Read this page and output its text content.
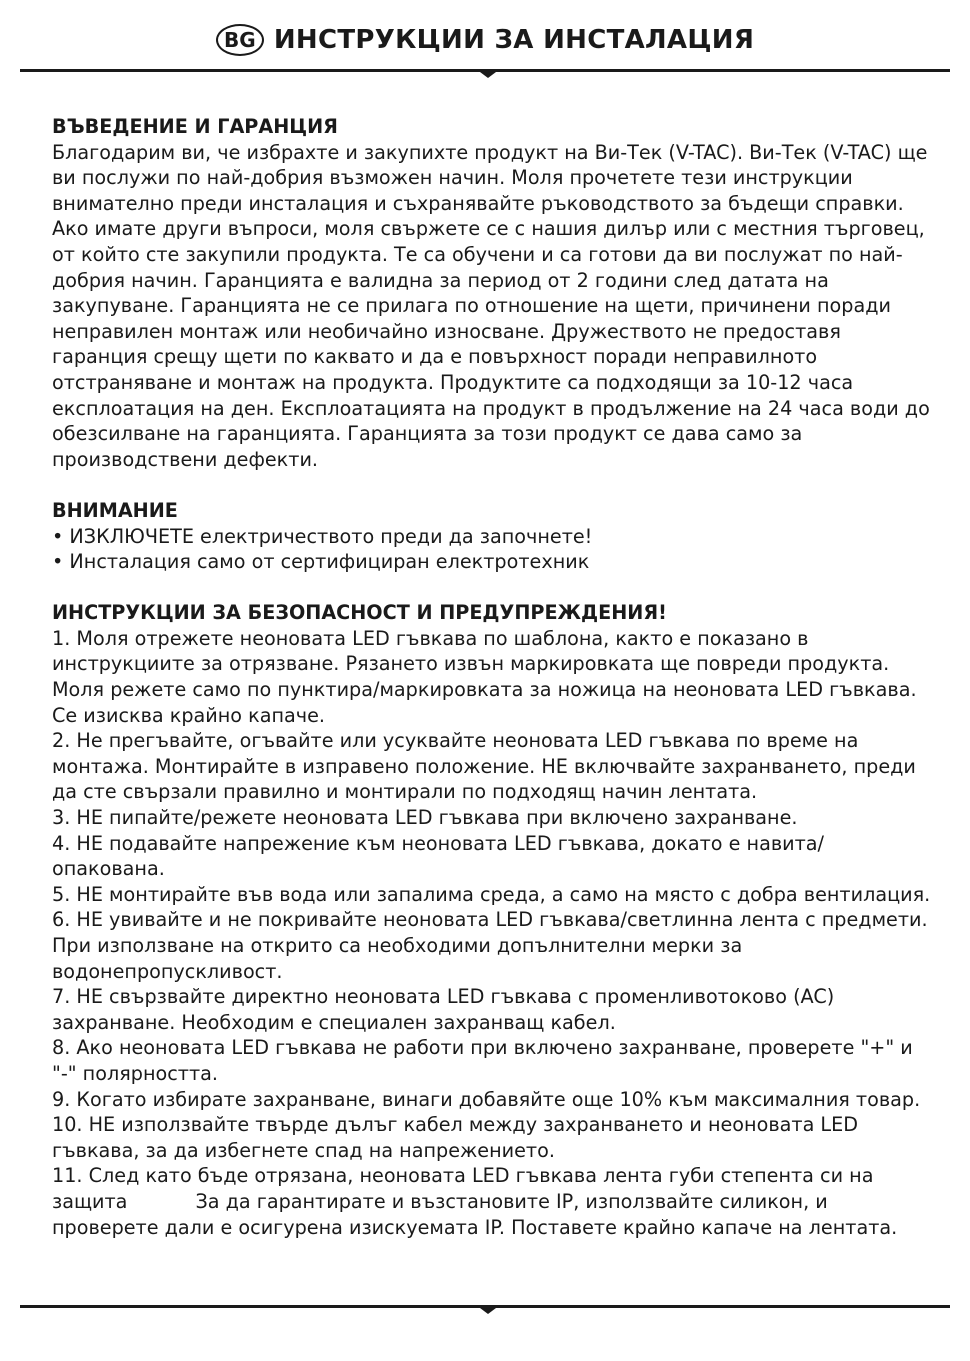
BG ИНСТРУКЦИИ ЗА ИНСТАЛАЦИЯ
ВЪВЕДЕНИЕ И ГАРАНЦИЯ

Благодарим ви, че избрахте и закупихте продукт на Ви-Тек (V-TAC). Ви-Тек (V-TAC) ще ви послужи по най-добрия възможен начин. Моля прочетете тези инструкции внимателно преди инсталация и съхранявайте ръководството за бъдещи справки. Ако имате други въпроси, моля свържете се с нашия дилър или с местния търговец, от който сте закупили продукта. Те са обучени и са готови да ви послужат по най-добрия начин. Гаранцията е валидна за период от 2 години след датата на закупуване. Гаранцията не се прилага по отношение на щети, причинени поради неправилен монтаж или необичайно износване. Дружеството не предоставя гаранция срещу щети по каквато и да е повърхност поради неправилното отстраняване и монтаж на продукта. Продуктите са подходящи за 10-12 часа експлоатация на ден. Експлоатацията на продукт в продължение на 24 часа води до обезсилване на гаранцията. Гаранцията за този продукт се дава само за производствени дефекти.

ВНИМАНИЕ

• ИЗКЛЮЧЕТЕ електричеството преди да започнете!

• Инсталация само от сертифициран електротехник

ИНСТРУКЦИИ ЗА БЕЗОПАСНОСТ И ПРЕДУПРЕЖДЕНИЯ!

1. Моля отрежете неоновата LED гъвкава по шаблона, както е показано в инструкциите за отрязване. Рязането извън маркировката ще повреди продукта. Моля режете само по пунктира/маркировката за ножица на неоновата LED гъвкава. Се изисква крайно капаче.

2. Не прегъвайте, огъвайте или усуквайте неоновата LED гъвкава по време на монтажа. Монтирайте в изправено положение. НЕ включвайте захранването, преди да сте свързали правилно и монтирали по подходящ начин лентата.

3. НЕ пипайте/режете неоновата LED гъвкава при включено захранване.

4. НЕ подавайте напрежение към неоновата LED гъвкава, докато е навита/опакована.

5. НЕ монтирайте във вода или запалима среда, а само на място с добра вентилация.

6. НЕ увивайте и не покривайте неоновата LED гъвкава/светлинна лента с предмети. При използване на открито са необходими допълнителни мерки за водонепропускливост.

7. НЕ свързвайте директно неоновата LED гъвкава с променливотоково (AC) захранване. Необходим е специален захранващ кабел.

8. Ако неоновата LED гъвкава не работи при включено захранване, проверете "+" и "-" полярността.

9. Когато избирате захранване, винаги добавяйте още 10% към максималния товар.

10. НЕ използвайте твърде дълъг кабел между захранването и неоновата LED гъвкава, за да избегнете спад на напрежението.

11. След като бъде отрязана, неоновата LED гъвкава лента губи степента си на защита	За да гарантирате и възстановите IP, използвайте силикон, и проверете дали е осигурена изискуемата IP. Поставете крайно капаче на лентата.
